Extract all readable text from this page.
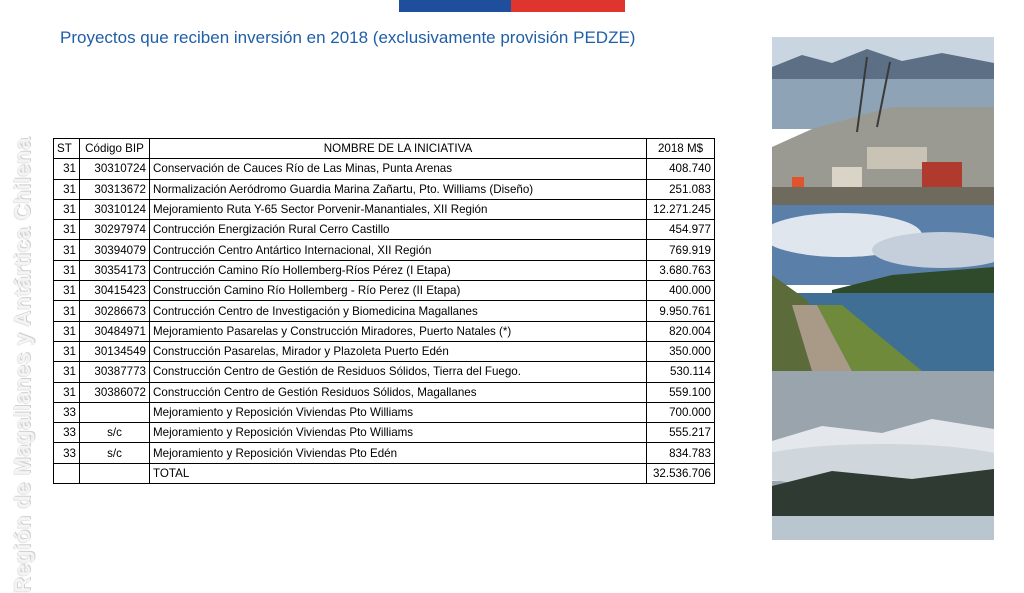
Proyectos que reciben inversión en 2018 (exclusivamente provisión PEDZE)
Región de Magallanes y Antártica Chilena ST	Código BIP	NOMBRE DE LA INICIATIVA	2018 M$
31	30310724	Conservación de Cauces Río de Las Minas, Punta Arenas	408.740
31	30313672	Normalización Aeródromo Guardia Marina Zañartu, Pto. Williams (Diseño)	251.083
31	30310124	Mejoramiento Ruta Y-65 Sector Porvenir-Manantiales, XII Región	12.271.245
31	30297974	Contrucción Energización Rural Cerro Castillo	454.977
31	30394079	Contrucción Centro Antártico Internacional, XII Región	769.919
31	30354173	Contrucción Camino Río Hollemberg-Ríos Pérez (I Etapa)	3.680.763
31	30415423	Construcción Camino Río Hollemberg - Río Perez (II Etapa)	400.000
31	30286673	Contrucción Centro de Investigación y Biomedicina Magallanes	9.950.761
31	30484971	Mejoramiento Pasarelas y Construcción Miradores, Puerto Natales (*)	820.004
31	30134549	Construcción Pasarelas, Mirador y Plazoleta Puerto Edén	350.000
31	30387773	Construcción Centro de Gestión de Residuos Sólidos, Tierra del Fuego.	530.114
31	30386072	Construcción Centro de Gestión Residuos Sólidos, Magallanes	559.100
33		Mejoramiento y Reposición Viviendas Pto Williams	700.000
33	s/c	Mejoramiento y Reposición Viviendas Pto Williams	555.217
33	s/c	Mejoramiento y Reposición Viviendas Pto Edén	834.783
		TOTAL	32.536.706
